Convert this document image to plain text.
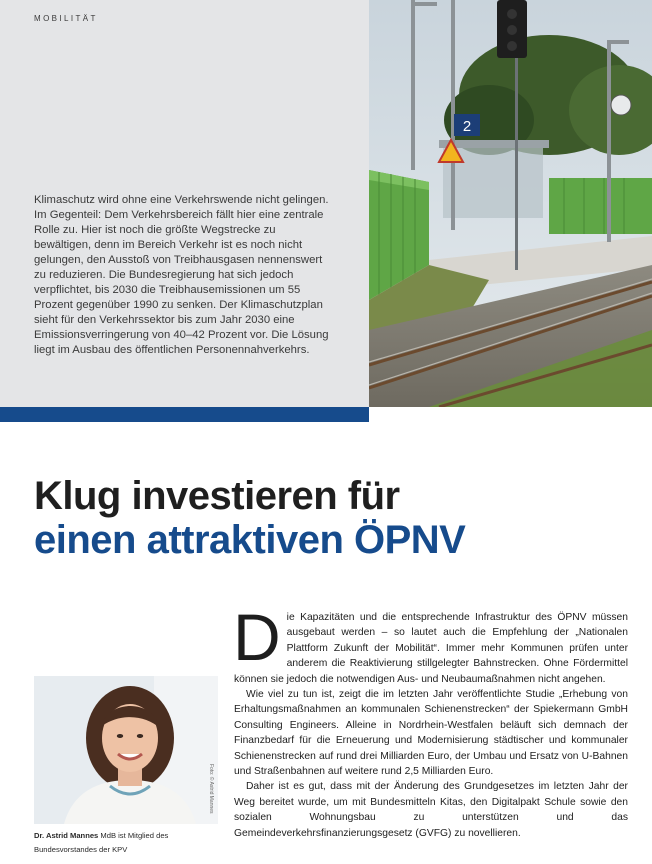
MOBILITÄT

Klimaschutz wird ohne eine Verkehrswende nicht gelingen. Im Gegenteil: Dem Verkehrsbereich fällt hier eine zentrale Rolle zu. Hier ist noch die größte Wegstrecke zu bewältigen, denn im Bereich Verkehr ist es noch nicht gelungen, den Ausstoß von Treibhausgasen nennenswert zu reduzieren. Die Bundesregierung hat sich jedoch verpflichtet, bis 2030 die Treibhausemissionen um 55 Prozent gegenüber 1990 zu senken. Der Klimaschutzplan sieht für den Verkehrssektor bis zum Jahr 2030 eine Emissionsverringerung von 40–42 Prozent vor. Die Lösung liegt im Ausbau des öffentlichen Personennahverkehrs.

2
Klug investieren für
einen attraktiven ÖPNV
Foto: © Astrid Mannes
Dr. Astrid Mannes MdB ist Mitglied des Bundesvorstandes der KPV

Die Kapazitäten und die entsprechende Infrastruktur des ÖPNV müssen ausgebaut werden – so lautet auch die Empfehlung der „Nationalen Plattform Zukunft der Mobilität“. Immer mehr Kommunen prüfen unter anderem die Reaktivierung stillgelegter Bahnstrecken. Ohne Fördermittel können sie jedoch die notwendigen Aus- und Neubaumaßnahmen nicht angehen.

Wie viel zu tun ist, zeigt die im letzten Jahr veröffentlichte Studie „Erhebung von Erhaltungsmaßnahmen an kommunalen Schienenstrecken“ der Spiekermann GmbH Consulting Engineers. Alleine in Nordrhein-Westfalen beläuft sich demnach der Finanzbedarf für die Erneuerung und Modernisierung städtischer und kommunaler Schienenstrecken auf rund drei Milliarden Euro, der Umbau und Ersatz von U-Bahnen und Straßenbahnen auf weitere rund 2,5 Milliarden Euro.

Daher ist es gut, dass mit der Änderung des Grundgesetzes im letzten Jahr der Weg bereitet wurde, um mit Bundesmitteln Kitas, den Digitalpakt Schule sowie den sozialen Wohnungsbau zu unterstützen und das Gemeindeverkehrsfinanzierungsgesetz (GVFG) zu novellieren.
